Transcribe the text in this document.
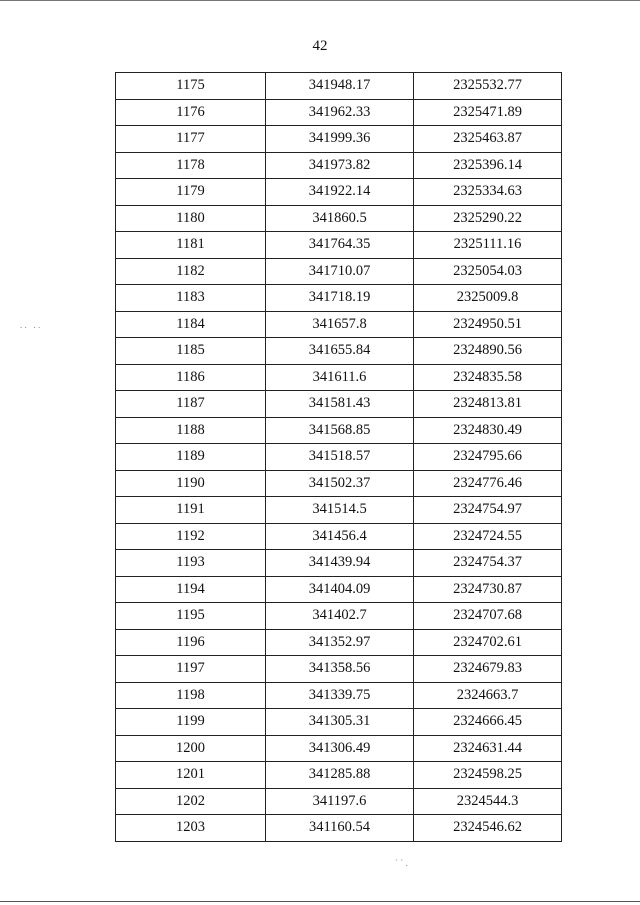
42
1175	341948.17	2325532.77
1176	341962.33	2325471.89
1177	341999.36	2325463.87
1178	341973.82	2325396.14
1179	341922.14	2325334.63
1180	341860.5	2325290.22
1181	341764.35	2325111.16
1182	341710.07	2325054.03
1183	341718.19	2325009.8
1184	341657.8	2324950.51
1185	341655.84	2324890.56
1186	341611.6	2324835.58
1187	341581.43	2324813.81
1188	341568.85	2324830.49
1189	341518.57	2324795.66
1190	341502.37	2324776.46
1191	341514.5	2324754.97
1192	341456.4	2324724.55
1193	341439.94	2324754.37
1194	341404.09	2324730.87
1195	341402.7	2324707.68
1196	341352.97	2324702.61
1197	341358.56	2324679.83
1198	341339.75	2324663.7
1199	341305.31	2324666.45
1200	341306.49	2324631.44
1201	341285.88	2324598.25
1202	341197.6	2324544.3
1203	341160.54	2324546.62
` ` .
. .   . .
